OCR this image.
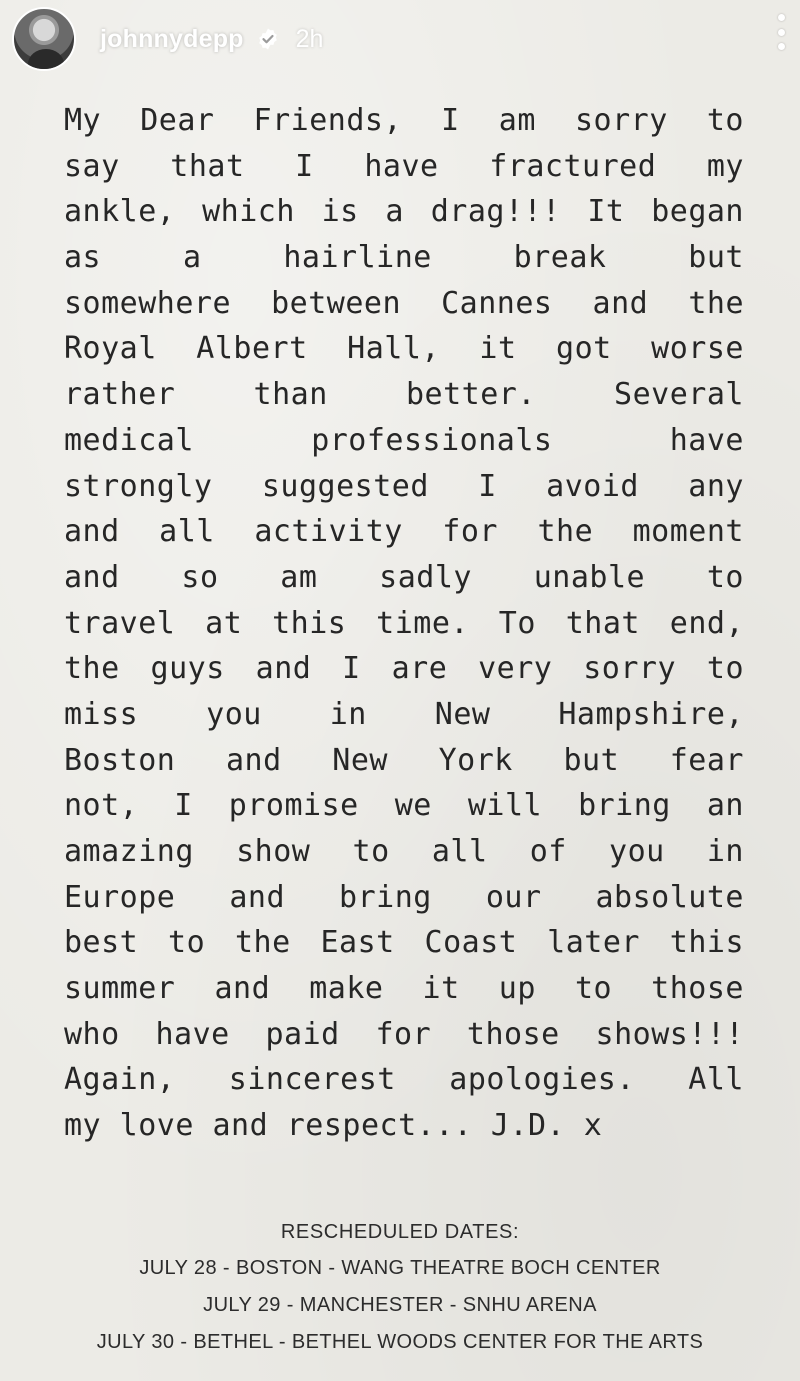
johnnydepp 2h
My Dear Friends, I am sorry to
say that I have fractured my
ankle, which is a drag!!! It began
as a hairline break but
somewhere between Cannes and the
Royal Albert Hall, it got worse
rather than better. Several
medical professionals have
strongly suggested I avoid any
and all activity for the moment
and so am sadly unable to
travel at this time. To that end,
the guys and I are very sorry to
miss you in New Hampshire,
Boston and New York but fear
not, I promise we will bring an
amazing show to all of you in
Europe and bring our absolute
best to the East Coast later this
summer and make it up to those
who have paid for those shows!!!
Again, sincerest apologies. All
my love and respect... J.D. x
RESCHEDULED DATES:
JULY 28 - BOSTON - WANG THEATRE BOCH CENTER
JULY 29 - MANCHESTER - SNHU ARENA
JULY 30 - BETHEL - BETHEL WOODS CENTER FOR THE ARTS
